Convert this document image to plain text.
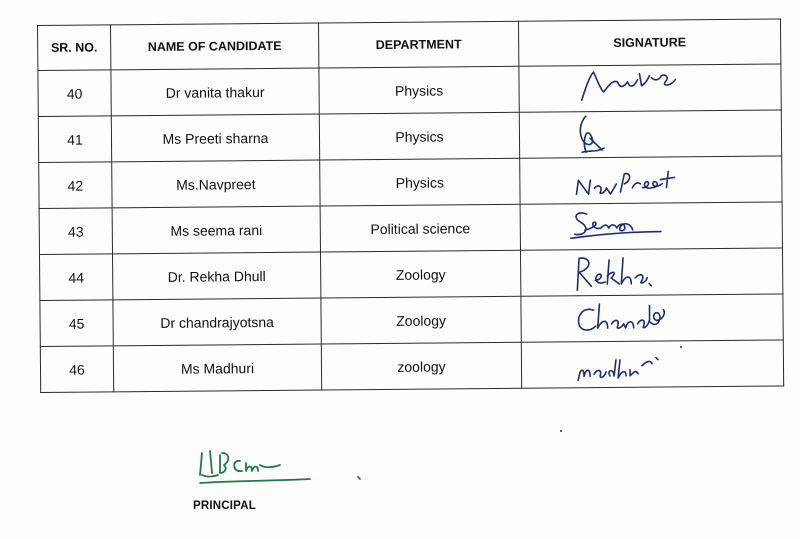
SR. NO.	NAME OF CANDIDATE	DEPARTMENT	SIGNATURE
40	Dr vanita thakur	Physics	

41	Ms Preeti sharna	Physics	

42	Ms.Navpreet	Physics	

43	Ms seema rani	Political science	

44	Dr. Rekha Dhull	Zoology	

45	Dr chandrajyotsna	Zoology	

46	Ms Madhuri	zoology	
PRINCIPAL
